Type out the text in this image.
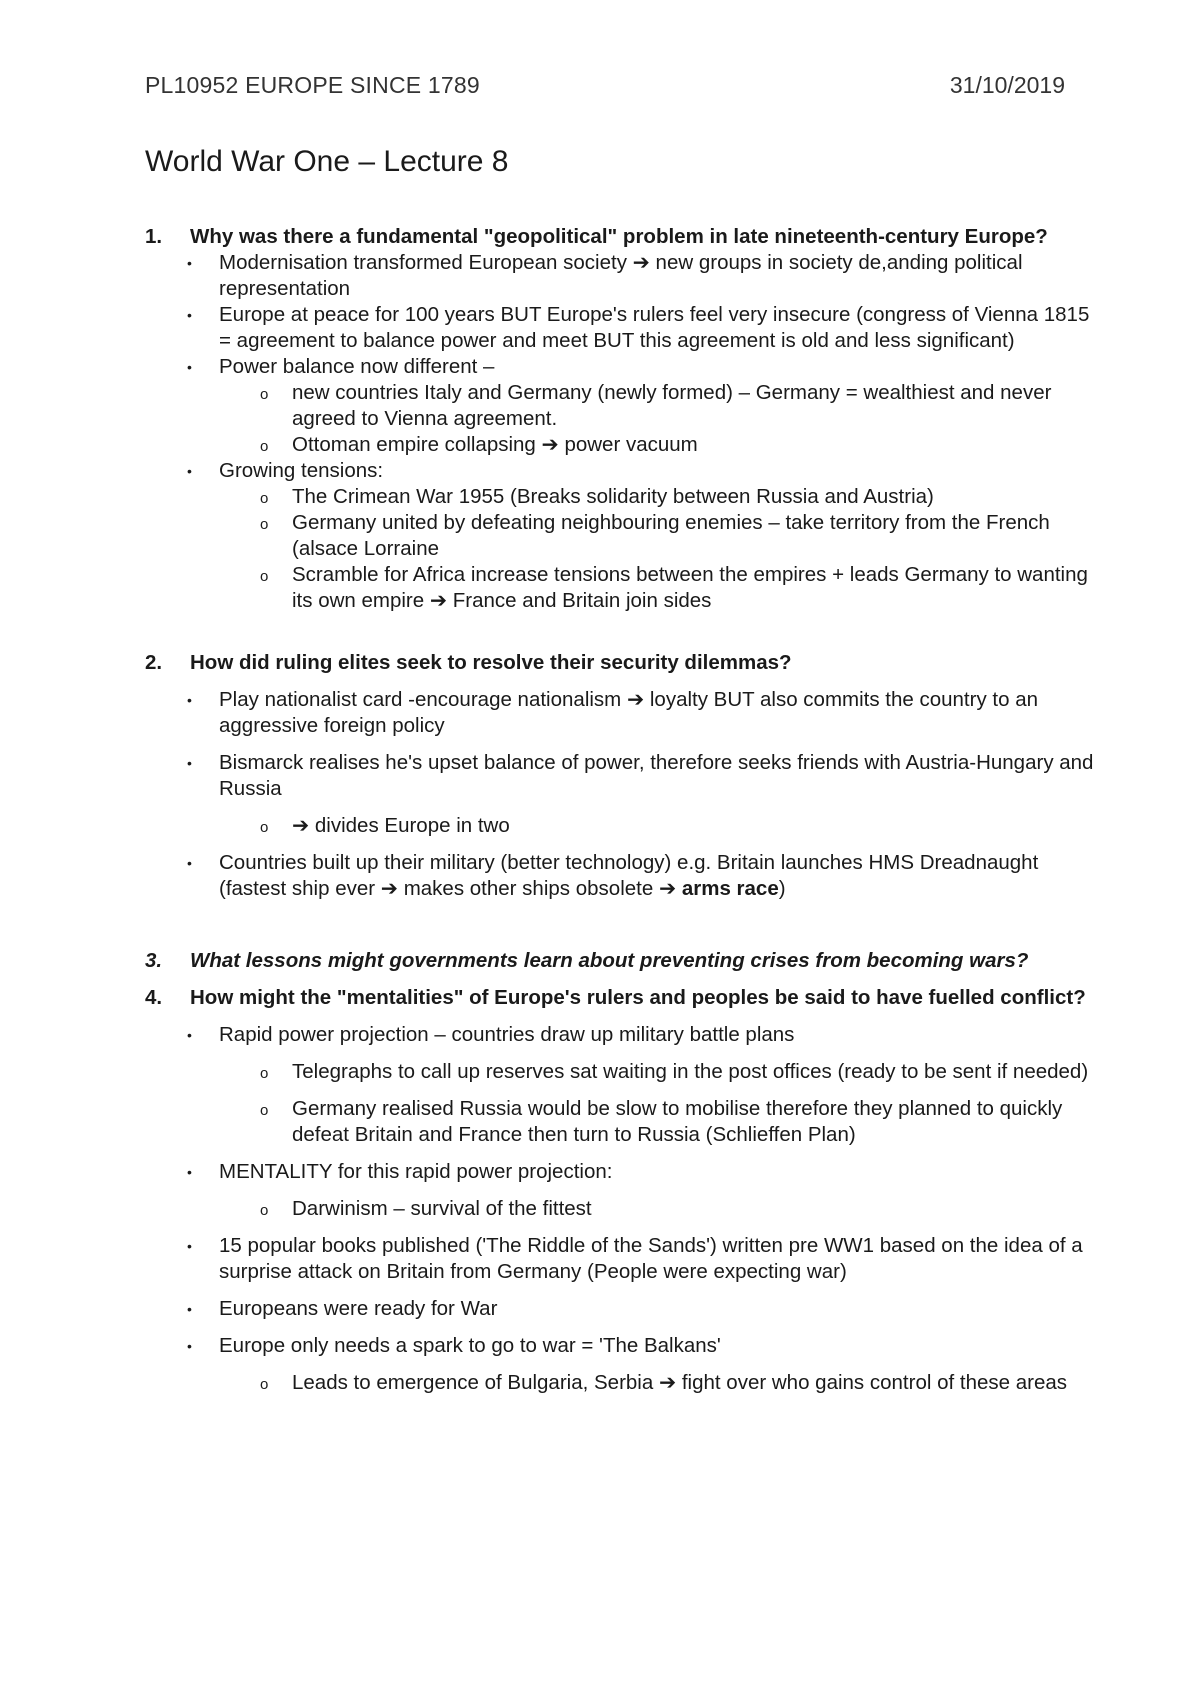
PL10952 EUROPE SINCE 1789	31/10/2019
World War One – Lecture 8
1. Why was there a fundamental "geopolitical" problem in late nineteenth-century Europe?
• Modernisation transformed European society ➔ new groups in society de,anding political representation
• Europe at peace for 100 years BUT Europe's rulers feel very insecure (congress of Vienna 1815 = agreement to balance power and meet BUT this agreement is old and less significant)
• Power balance now different –
o new countries Italy and Germany (newly formed) – Germany = wealthiest and never agreed to Vienna agreement.
o Ottoman empire collapsing ➔ power vacuum
• Growing tensions:
o The Crimean War 1955 (Breaks solidarity between Russia and Austria)
o Germany united by defeating neighbouring enemies – take territory from the French (alsace Lorraine
o Scramble for Africa increase tensions between the empires + leads Germany to wanting its own empire ➔ France and Britain join sides
2. How did ruling elites seek to resolve their security dilemmas?
• Play nationalist card -encourage nationalism ➔ loyalty BUT also commits the country to an aggressive foreign policy
• Bismarck realises he's upset balance of power, therefore seeks friends with Austria-Hungary and Russia
o ➔ divides Europe in two
• Countries built up their military (better technology) e.g. Britain launches HMS Dreadnaught (fastest ship ever ➔ makes other ships obsolete ➔ arms race)
3. What lessons might governments learn about preventing crises from becoming wars?
4. How might the "mentalities" of Europe's rulers and peoples be said to have fuelled conflict?
• Rapid power projection – countries draw up military battle plans
o Telegraphs to call up reserves sat waiting in the post offices (ready to be sent if needed)
o Germany realised Russia would be slow to mobilise therefore they planned to quickly defeat Britain and France then turn to Russia (Schlieffen Plan)
• MENTALITY for this rapid power projection:
o Darwinism – survival of the fittest
• 15 popular books published ('The Riddle of the Sands') written pre WW1 based on the idea of a surprise attack on Britain from Germany (People were expecting war)
• Europeans were ready for War
• Europe only needs a spark to go to war = 'The Balkans'
o Leads to emergence of Bulgaria, Serbia ➔ fight over who gains control of these areas
